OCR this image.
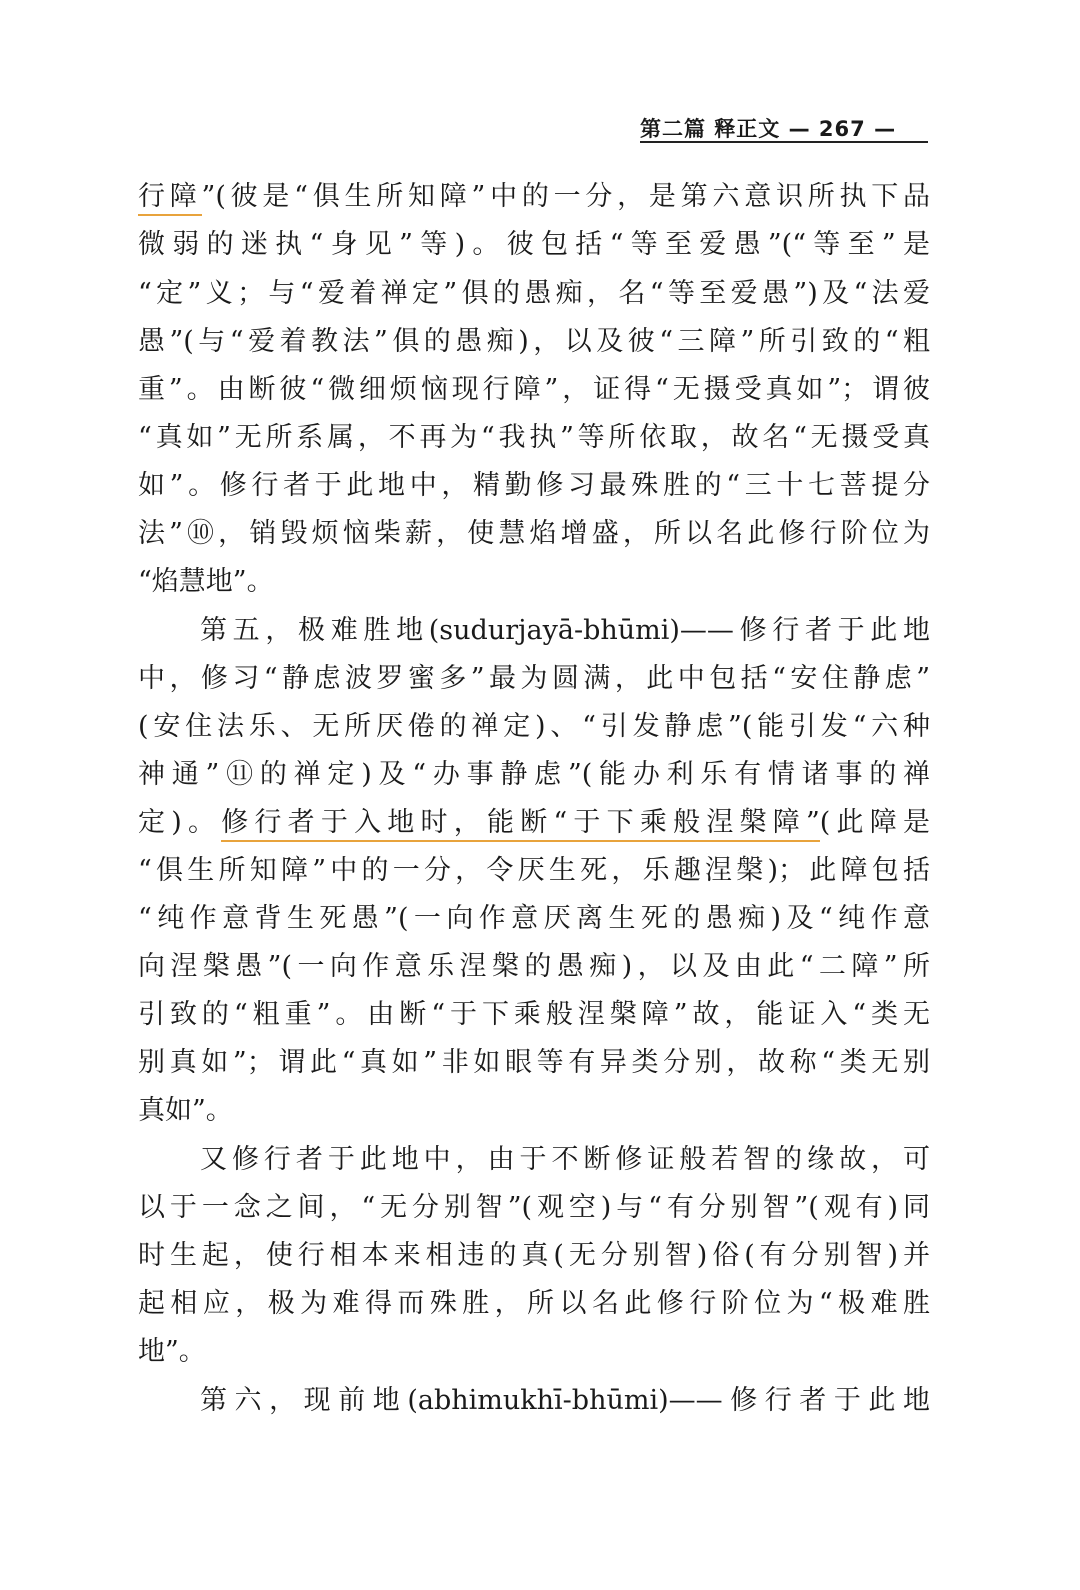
第二篇 释正文 — 267 —
行障”(彼是“俱生所知障”中的一分，是第六意识所执下品
微弱的迷执“身见”等)。彼包括“等至爱愚”(“等至”是
“定”义；与“爱着禅定”俱的愚痴，名“等至爱愚”)及“法爱
愚”(与“爱着教法”俱的愚痴)，以及彼“三障”所引致的“粗
重”。由断彼“微细烦恼现行障”，证得“无摄受真如”；谓彼
“真如”无所系属，不再为“我执”等所依取，故名“无摄受真
如”。修行者于此地中，精勤修习最殊胜的“三十七菩提分
法”⑩，销毁烦恼柴薪，使慧焰增盛，所以名此修行阶位为
“焰慧地”。
第五，极难胜地(sudurjayā-bhūmi)——修行者于此地
中，修习“静虑波罗蜜多”最为圆满，此中包括“安住静虑”
(安住法乐、无所厌倦的禅定)、“引发静虑”(能引发“六种
神通”⑪的禅定)及“办事静虑”(能办利乐有情诸事的禅
定)。修行者于入地时，能断“于下乘般涅槃障”(此障是
“俱生所知障”中的一分，令厌生死，乐趣涅槃)；此障包括
“纯作意背生死愚”(一向作意厌离生死的愚痴)及“纯作意
向涅槃愚”(一向作意乐涅槃的愚痴)，以及由此“二障”所
引致的“粗重”。由断“于下乘般涅槃障”故，能证入“类无
别真如”；谓此“真如”非如眼等有异类分别，故称“类无别
真如”。
又修行者于此地中，由于不断修证般若智的缘故，可
以于一念之间，“无分别智”(观空)与“有分别智”(观有)同
时生起，使行相本来相违的真(无分别智)俗(有分别智)并
起相应，极为难得而殊胜，所以名此修行阶位为“极难胜
地”。
第六，现前地(abhimukhī-bhūmi)——修行者于此地
